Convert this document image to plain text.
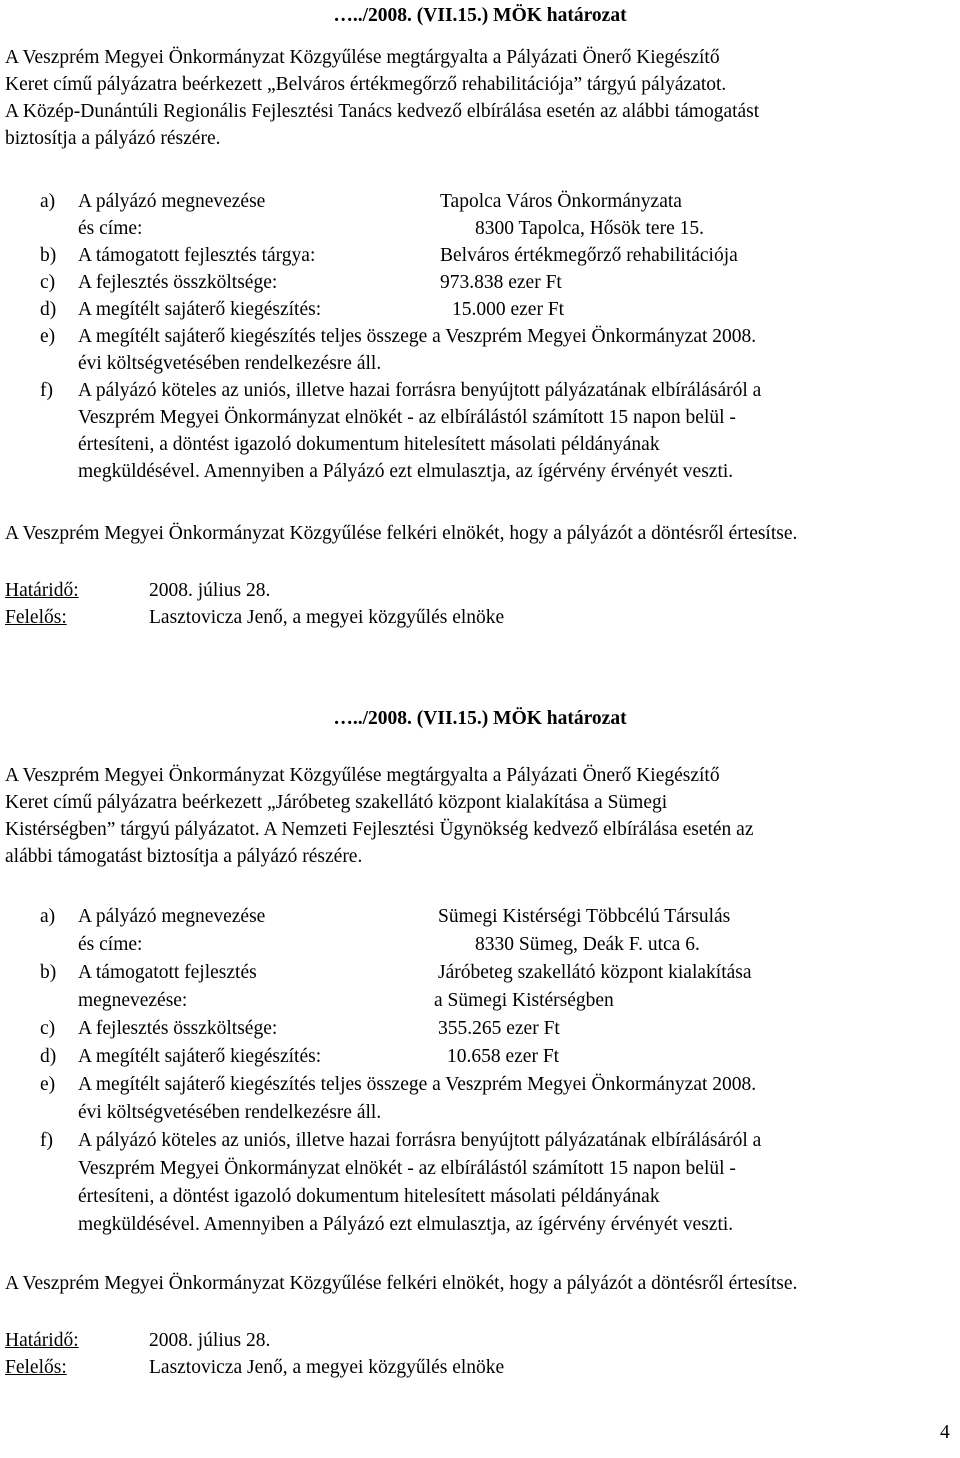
…../2008. (VII.15.) MÖK határozat
A Veszprém Megyei Önkormányzat Közgyűlése megtárgyalta a Pályázati Önerő Kiegészítő
Keret című pályázatra beérkezett „Belváros értékmegőrző rehabilitációja” tárgyú pályázatot.
A Közép-Dunántúli Regionális Fejlesztési Tanács kedvező elbírálása esetén az alábbi támogatást
biztosítja a pályázó részére.
a) A pályázó megnevezése	Tapolca Város Önkormányzata
és címe:	8300 Tapolca, Hősök tere 15.
b) A támogatott fejlesztés tárgya:	Belváros értékmegőrző rehabilitációja
c) A fejlesztés összköltsége:	973.838 ezer Ft
d) A megítélt sajáterő kiegészítés:	15.000 ezer Ft
e) A megítélt sajáterő kiegészítés teljes összege a Veszprém Megyei Önkormányzat 2008.
évi költségvetésében rendelkezésre áll.
f) A pályázó köteles az uniós, illetve hazai forrásra benyújtott pályázatának elbírálásáról a
Veszprém Megyei Önkormányzat elnökét - az elbírálástól számított 15 napon belül -
értesíteni, a döntést igazoló dokumentum hitelesített másolati példányának
megküldésével. Amennyiben a Pályázó ezt elmulasztja, az ígérvény érvényét veszti.
A Veszprém Megyei Önkormányzat Közgyűlése felkéri elnökét, hogy a pályázót a döntésről értesítse.
Határidő:	2008. július 28.
Felelős:	Lasztovicza Jenő, a megyei közgyűlés elnöke
…../2008. (VII.15.) MÖK határozat
A Veszprém Megyei Önkormányzat Közgyűlése megtárgyalta a Pályázati Önerő Kiegészítő
Keret című pályázatra beérkezett „Járóbeteg szakellátó központ kialakítása a Sümegi
Kistérségben” tárgyú pályázatot. A Nemzeti Fejlesztési Ügynökség kedvező elbírálása esetén az
alábbi támogatást biztosítja a pályázó részére.
a) A pályázó megnevezése	Sümegi Kistérségi Többcélú Társulás
és címe:	8330 Sümeg, Deák F. utca 6.
b) A támogatott fejlesztés	Járóbeteg szakellátó központ kialakítása
megnevezése:	a Sümegi Kistérségben
c) A fejlesztés összköltsége:	355.265 ezer Ft
d) A megítélt sajáterő kiegészítés:	10.658 ezer Ft
e) A megítélt sajáterő kiegészítés teljes összege a Veszprém Megyei Önkormányzat 2008.
évi költségvetésében rendelkezésre áll.
f) A pályázó köteles az uniós, illetve hazai forrásra benyújtott pályázatának elbírálásáról a
Veszprém Megyei Önkormányzat elnökét - az elbírálástól számított 15 napon belül -
értesíteni, a döntést igazoló dokumentum hitelesített másolati példányának
megküldésével. Amennyiben a Pályázó ezt elmulasztja, az ígérvény érvényét veszti.
A Veszprém Megyei Önkormányzat Közgyűlése felkéri elnökét, hogy a pályázót a döntésről értesítse.
Határidő:	2008. július 28.
Felelős:	Lasztovicza Jenő, a megyei közgyűlés elnöke
4
